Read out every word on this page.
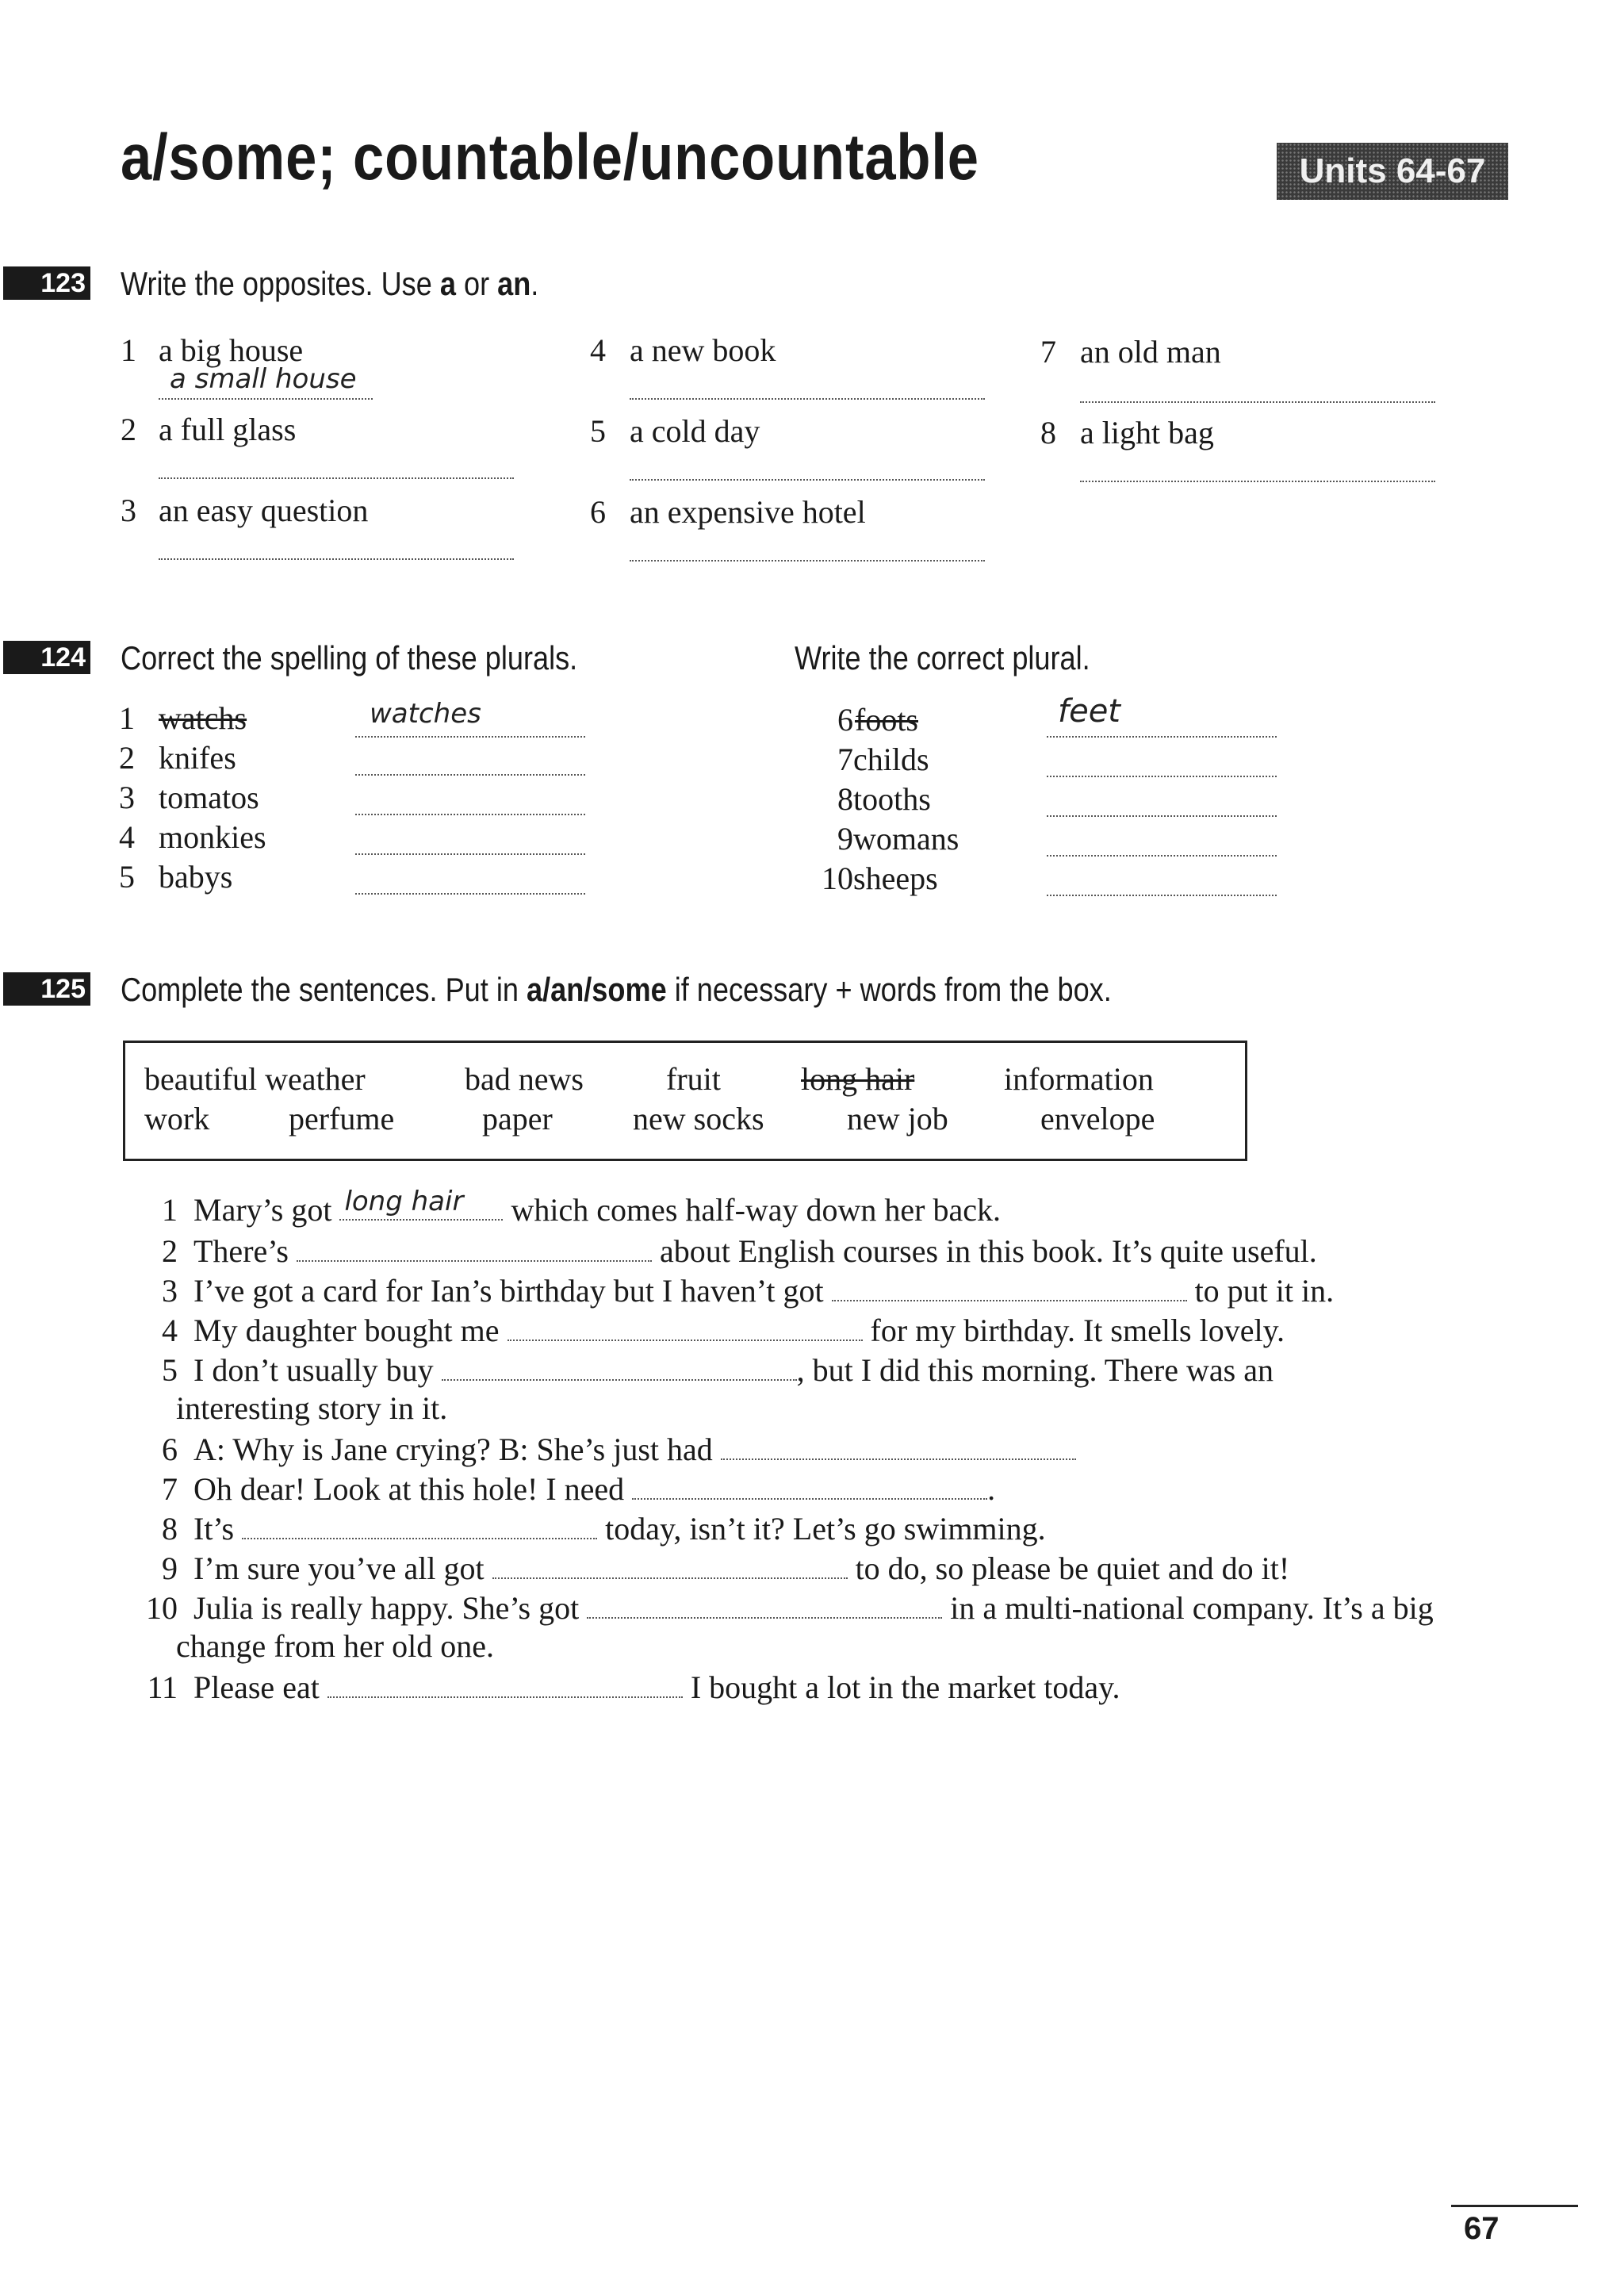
a/some; countable/uncountable	Units 64-67
123 Write the opposites. Use a or an.
1 a big house
a small house
2 a full glass
3 an easy question
4 a new book
5 a cold day
6 an expensive hotel
7 an old man
8 a light bag
124 Correct the spelling of these plurals.	Write the correct plural.
1 watchs	watches
2 knifes
3 tomatos
4 monkies
5 babys
6foots	feet
7childs
8tooths
9womans
10sheeps
125 Complete the sentences. Put in a/an/some if necessary + words from the box.
beautiful weather	bad news	fruit	long hair	information
work perfume	paper	new socks	new job	envelope
1 Mary’s got long hair which comes half-way down her back.
2 There’s	about English courses in this book. It’s quite useful.
3 I’ve got a card for Ian’s birthday but I haven’t got	to put it in.
4 My daughter bought me	for my birthday. It smells lovely.
5 I don’t usually buy	, but I did this morning. There was an
interesting story in it.
6 A: Why is Jane crying? B: She’s just had
7 Oh dear! Look at this hole! I need	.
8 It’s	today, isn’t it? Let’s go swimming.
9 I’m sure you’ve all got	to do, so please be quiet and do it!
10 Julia is really happy. She’s got	in a multi-national company. It’s a big
change from her old one.
11 Please eat	I bought a lot in the market today.
67
